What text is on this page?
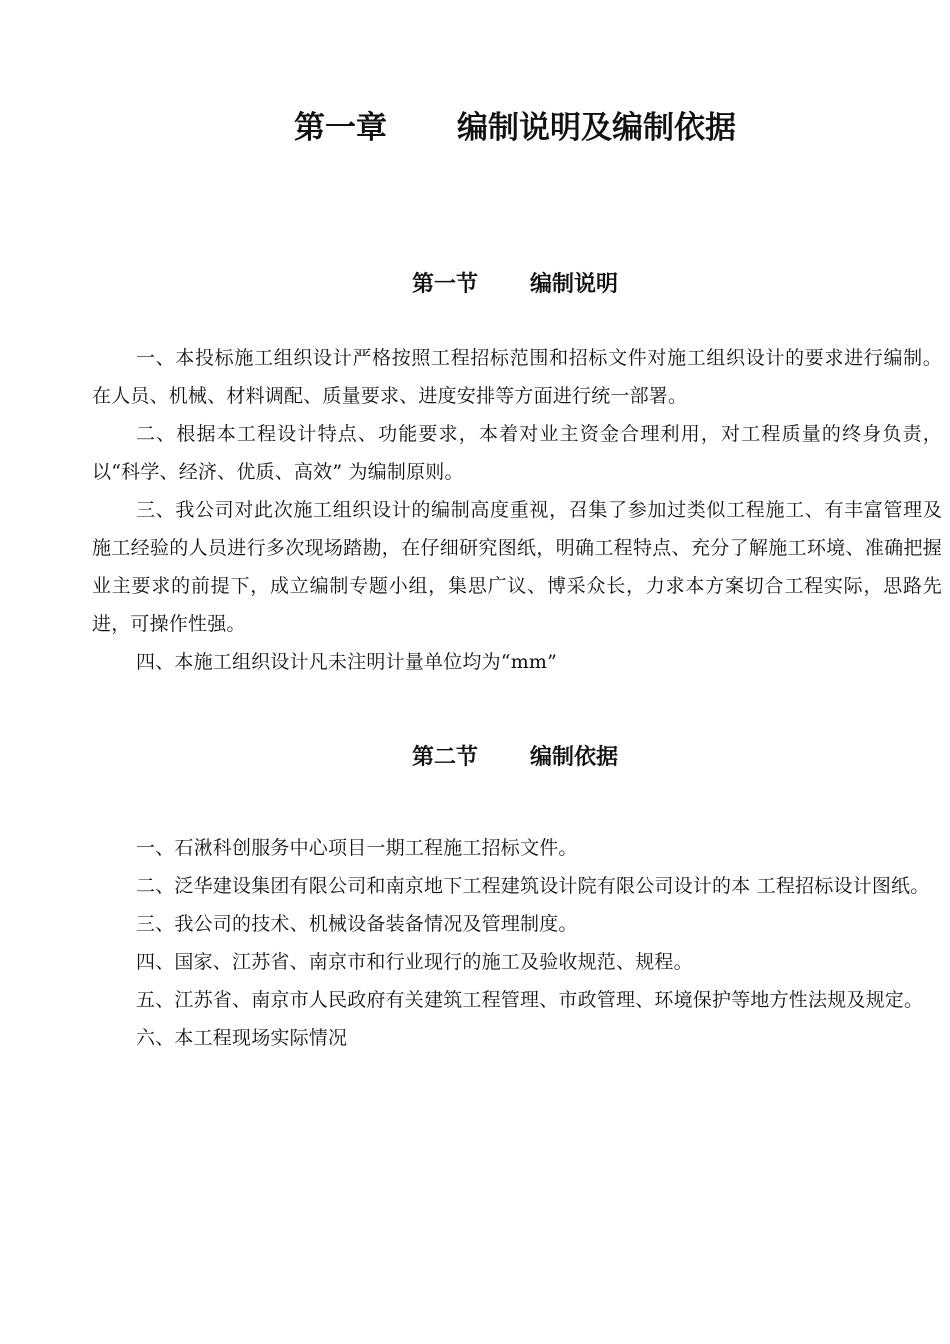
第一章 编制说明及编制依据
第一节 编制说明

一、本投标施工组织设计严格按照工程招标范围和招标文件对施工组织设计的要求进行编制。在人员、机械、材料调配、质量要求、进度安排等方面进行统一部署。

二、根据本工程设计特点、功能要求，本着对业主资金合理利用，对工程质量的终身负责，以“科学、经济、优质、高效” 为编制原则。

三、我公司对此次施工组织设计的编制高度重视，召集了参加过类似工程施工、有丰富管理及施工经验的人员进行多次现场踏勘，在仔细研究图纸，明确工程特点、充分了解施工环境、准确把握业主要求的前提下，成立编制专题小组，集思广议、博采众长，力求本方案切合工程实际，思路先进，可操作性强。

四、本施工组织设计凡未注明计量单位均为“mm”

第二节 编制依据

一、石湫科创服务中心项目一期工程施工招标文件。

二、泛华建设集团有限公司和南京地下工程建筑设计院有限公司设计的本 工程招标设计图纸。

三、我公司的技术、机械设备装备情况及管理制度。

四、国家、江苏省、南京市和行业现行的施工及验收规范、规程。

五、江苏省、南京市人民政府有关建筑工程管理、市政管理、环境保护等地方性法规及规定。

六、本工程现场实际情况
